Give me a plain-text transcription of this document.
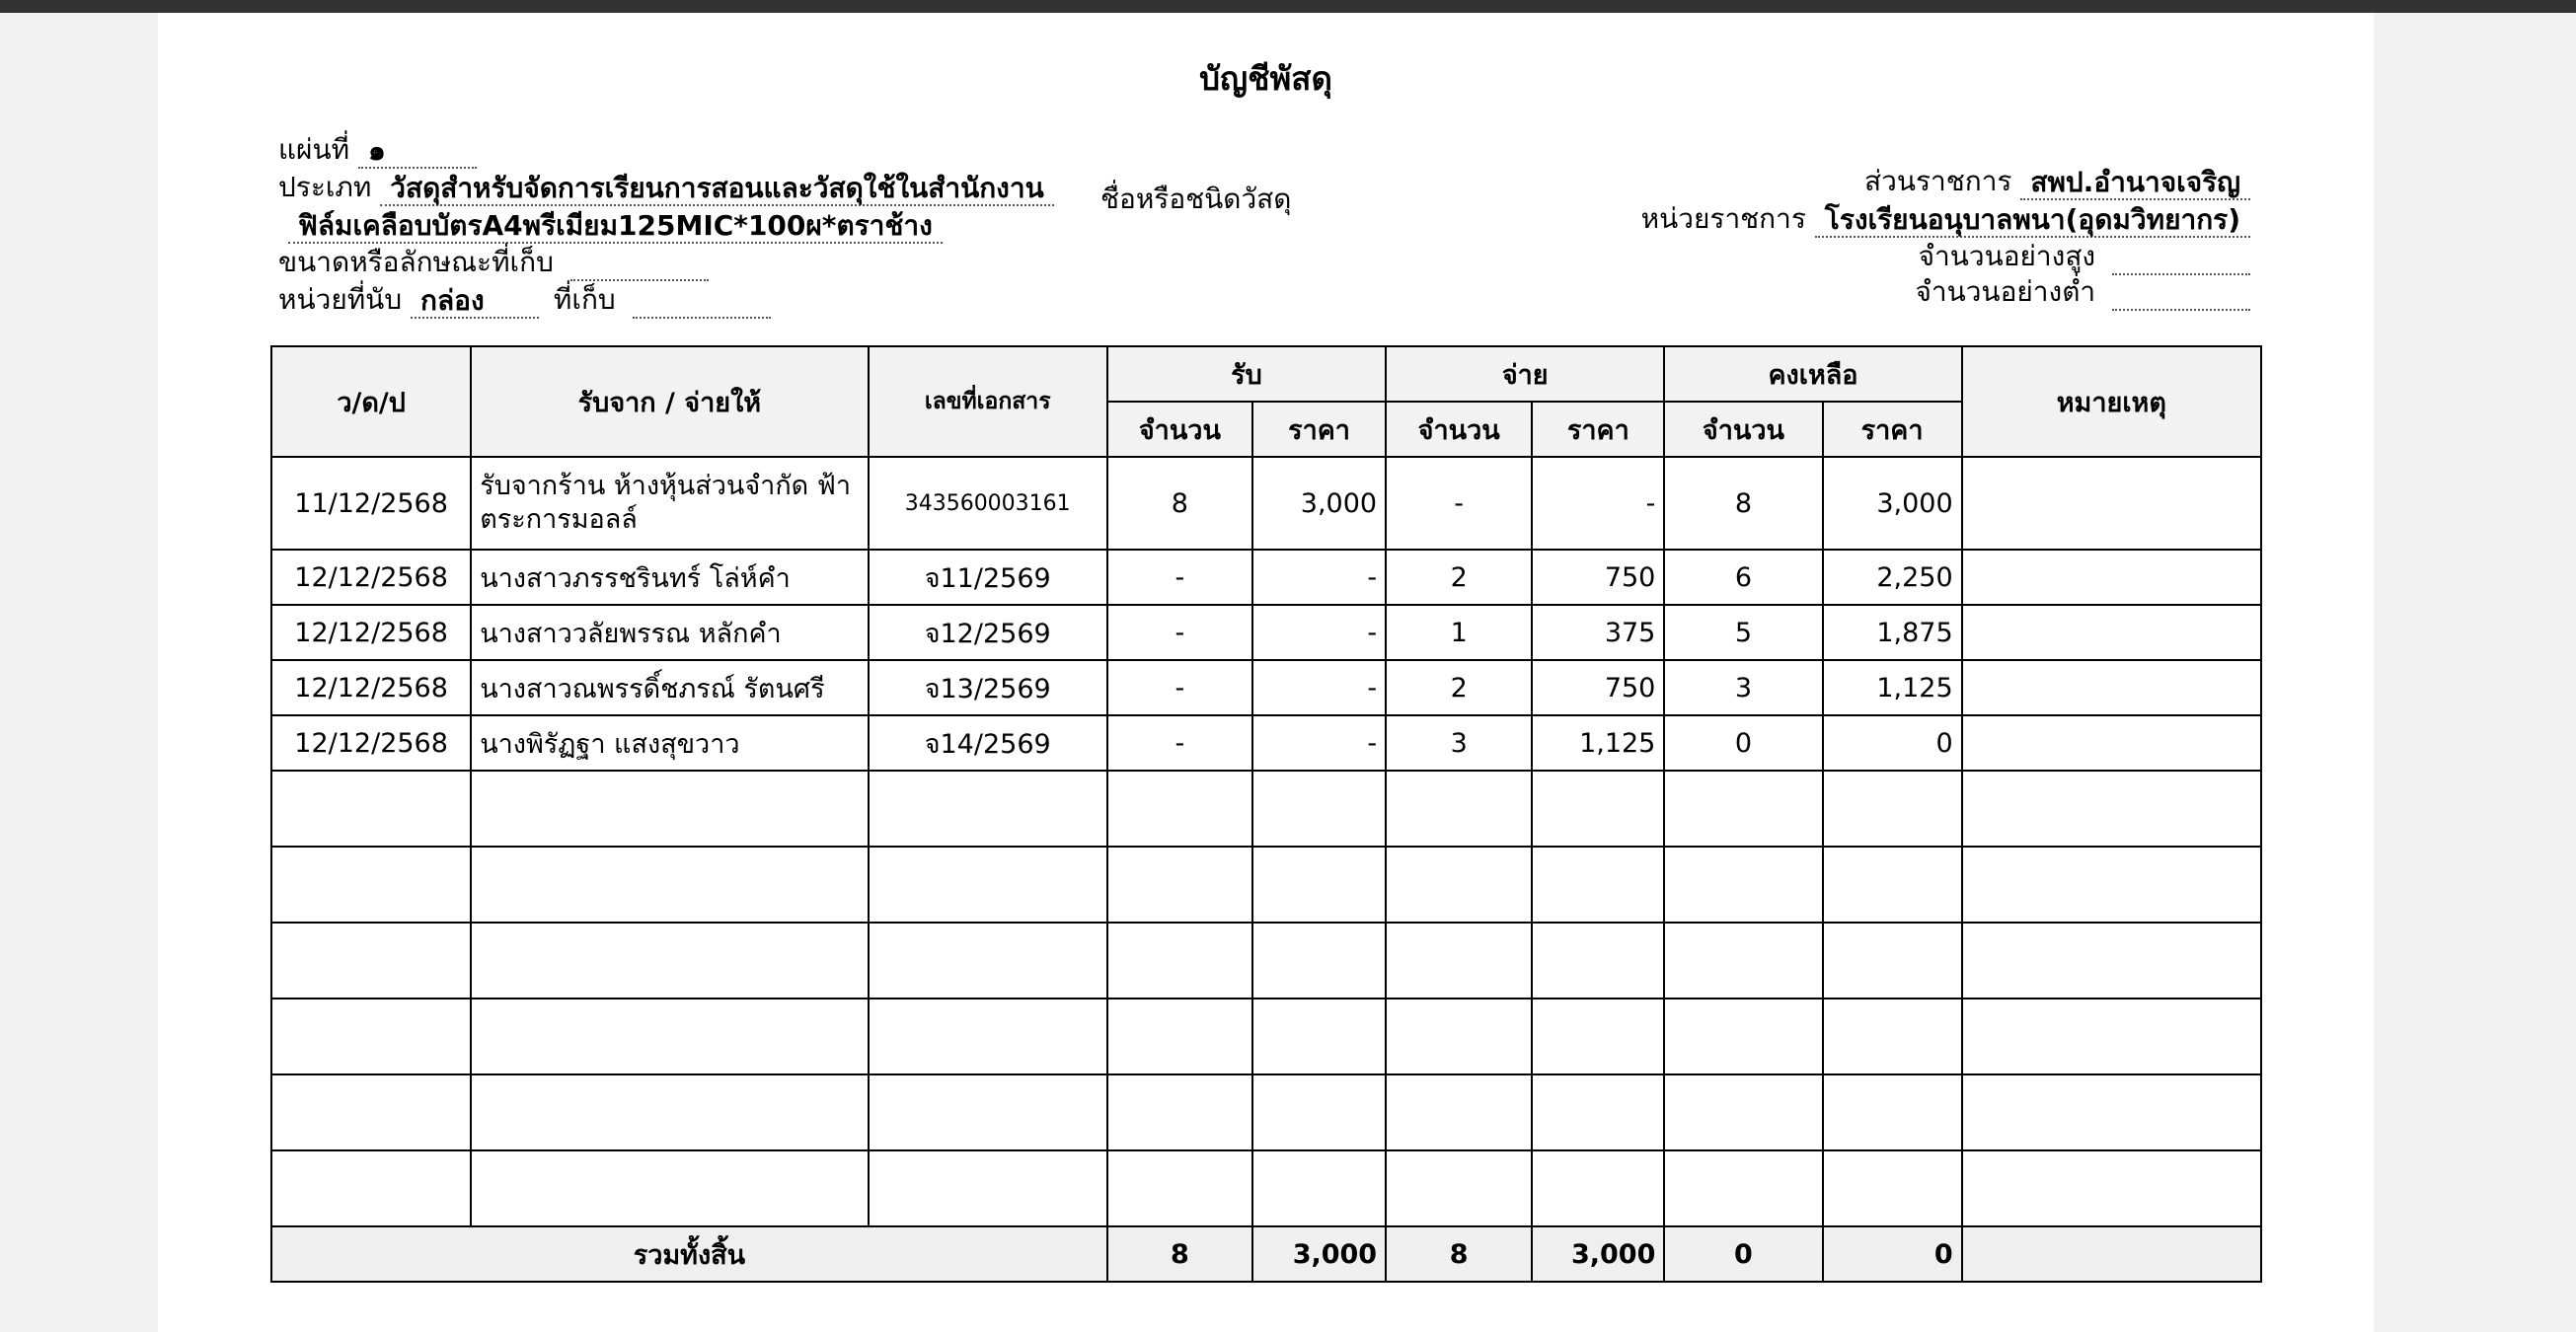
บัญชีพัสดุ
แผ่นที่ ๑
ประเภท วัสดุสำหรับจัดการเรียนการสอนและวัสดุใช้ในสำนักงาน
ฟิล์มเคลือบบัตรA4พรีเมียม125MIC*100ผ*ตราช้าง
ขนาดหรือลักษณะที่เก็บ
หน่วยที่นับ กล่อง	ที่เก็บ
ชื่อหรือชนิดวัสดุ
ส่วนราชการ สพป.อำนาจเจริญ
หน่วยราชการ โรงเรียนอนุบาลพนา(อุดมวิทยากร)
จำนวนอย่างสูง
จำนวนอย่างต่ำ
ว/ด/ป	รับจาก / จ่ายให้	เลขที่เอกสาร	รับ		จ่าย		คงเหลือ		หมายเหตุ
			จำนวน	ราคา	จำนวน	ราคา	จำนวน	ราคา	
11/12/2568	รับจากร้าน ห้างหุ้นส่วนจำกัด ฟ้าตระการมอลล์	343560003161	8	3,000	-	-	8	3,000	
12/12/2568	นางสาวภรรชรินทร์ โล่ห์คำ	จ11/2569	-	-	2	750	6	2,250	
12/12/2568	นางสาววลัยพรรณ หลักคำ	จ12/2569	-	-	1	375	5	1,875	
12/12/2568	นางสาวณพรรดิ์ชภรณ์ รัตนศรี	จ13/2569	-	-	2	750	3	1,125	
12/12/2568	นางพิรัฏฐา แสงสุขวาว	จ14/2569	-	-	3	1,125	0	0	

รวมทั้งสิ้น			8	3,000	8	3,000	0	0	
